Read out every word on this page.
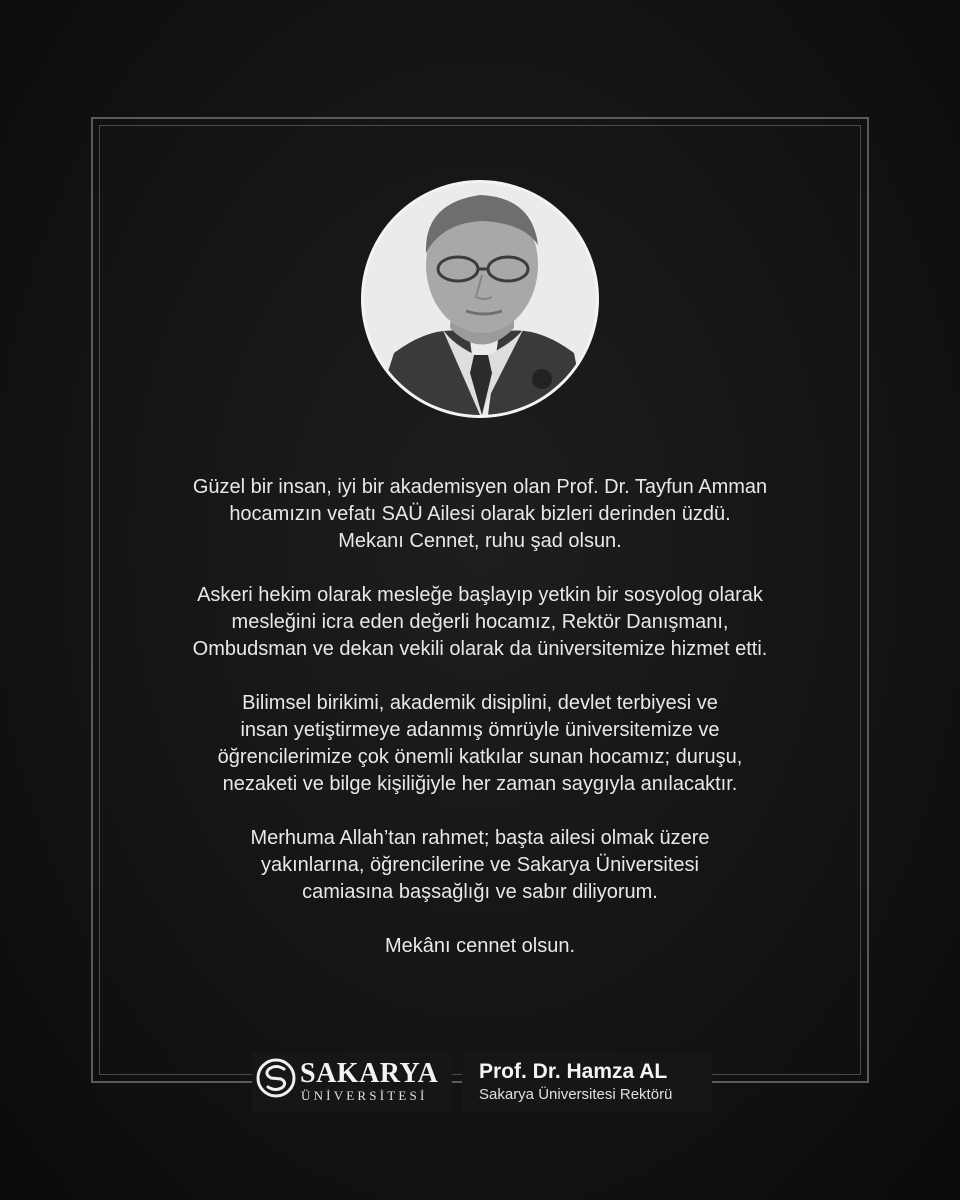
Güzel bir insan, iyi bir akademisyen olan Prof. Dr. Tayfun Amman
hocamızın vefatı SAÜ Ailesi olarak bizleri derinden üzdü.
Mekanı Cennet, ruhu şad olsun.

Askeri hekim olarak mesleğe başlayıp yetkin bir sosyolog olarak
mesleğini icra eden değerli hocamız, Rektör Danışmanı,
Ombudsman ve dekan vekili olarak da üniversitemize hizmet etti.

Bilimsel birikimi, akademik disiplini, devlet terbiyesi ve
insan yetiştirmeye adanmış ömrüyle üniversitemize ve
öğrencilerimize çok önemli katkılar sunan hocamız; duruşu,
nezaketi ve bilge kişiliğiyle her zaman saygıyla anılacaktır.

Merhuma Allah’tan rahmet; başta ailesi olmak üzere
yakınlarına, öğrencilerine ve Sakarya Üniversitesi
camiasına başsağlığı ve sabır diliyorum.

Mekânı cennet olsun.

SAKARYA
ÜNİVERSİTESİ
Prof. Dr. Hamza AL
Sakarya Üniversitesi Rektörü
